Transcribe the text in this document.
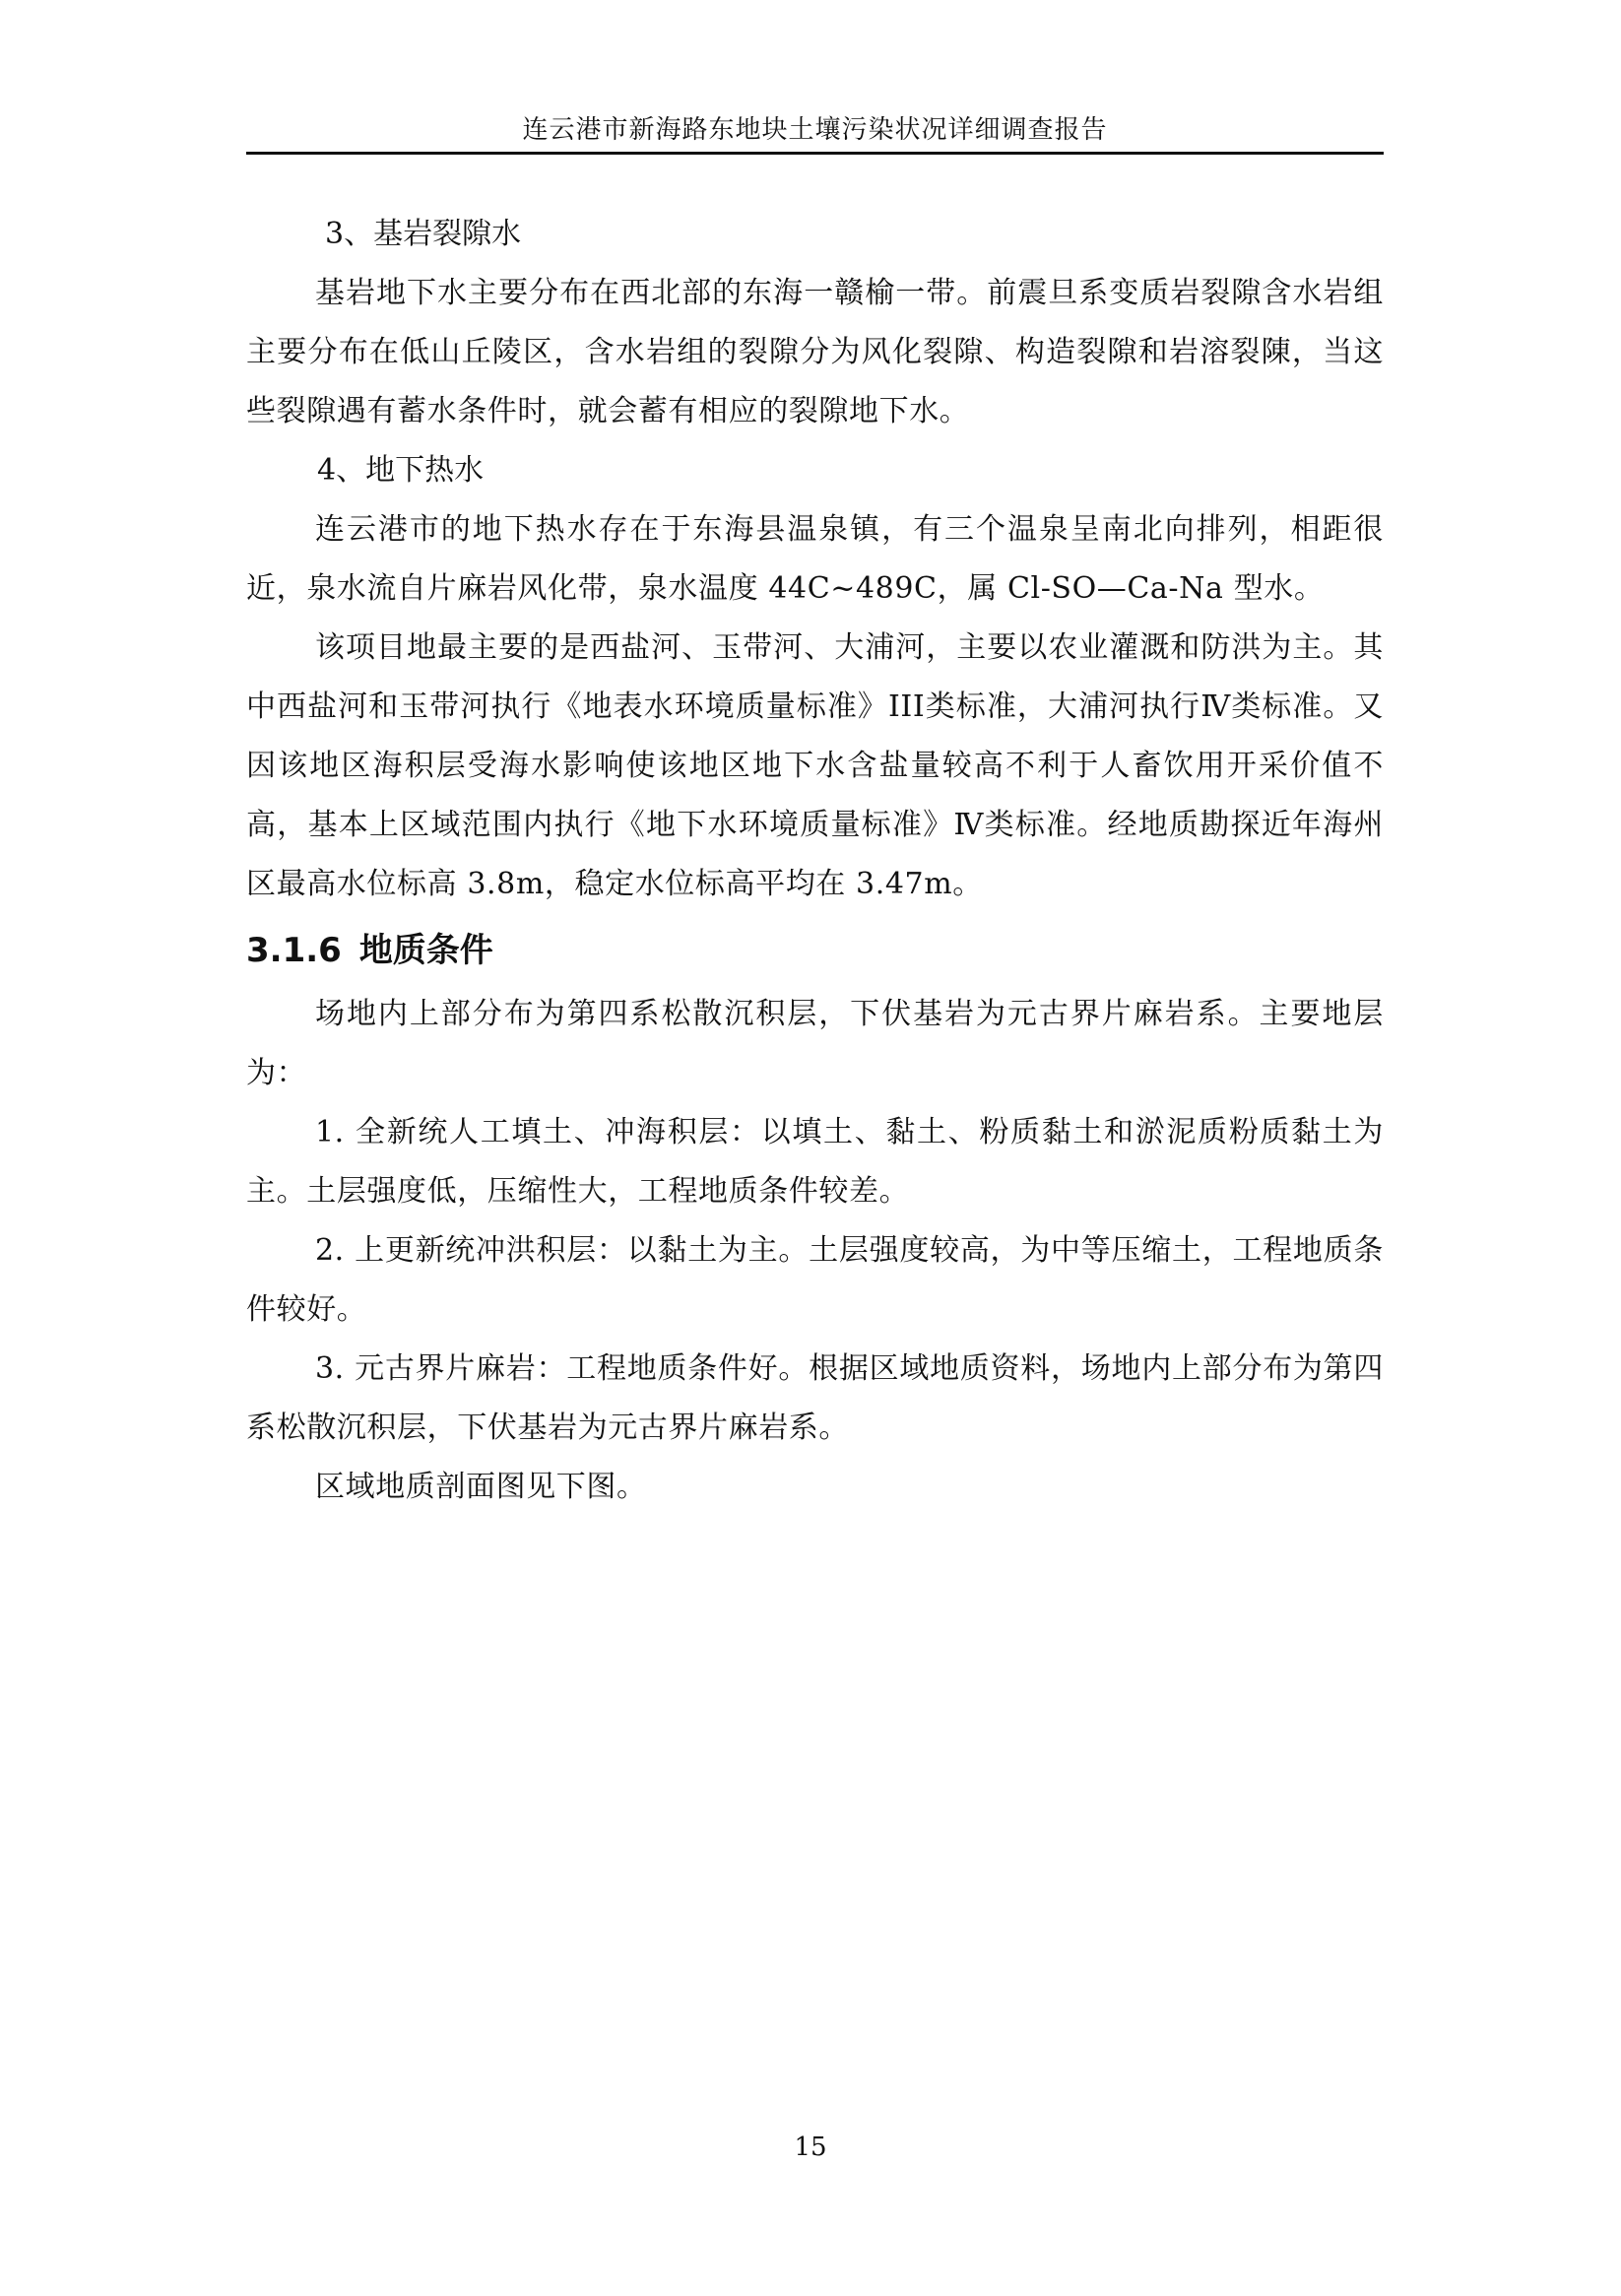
连云港市新海路东地块土壤污染状况详细调查报告
3、基岩裂隙水

基岩地下水主要分布在西北部的东海一赣榆一带。前震旦系变质岩裂隙含水岩组主要分布在低山丘陵区，含水岩组的裂隙分为风化裂隙、构造裂隙和岩溶裂陳，当这些裂隙遇有蓄水条件时，就会蓄有相应的裂隙地下水。

4、地下热水

连云港市的地下热水存在于东海县温泉镇，有三个温泉呈南北向排列，相距很近，泉水流自片麻岩风化带，泉水温度 44C~489C，属 Cl-SO—Ca-Na 型水。

该项目地最主要的是西盐河、玉带河、大浦河，主要以农业灌溉和防洪为主。其中西盐河和玉带河执行《地表水环境质量标准》III类标准，大浦河执行Ⅳ类标准。又因该地区海积层受海水影响使该地区地下水含盐量较高不利于人畜饮用开采价值不高，基本上区域范围内执行《地下水环境质量标准》Ⅳ类标准。经地质勘探近年海州区最高水位标高 3.8m，稳定水位标高平均在 3.47m。

3.1.6 地质条件

场地内上部分布为第四系松散沉积层，下伏基岩为元古界片麻岩系。主要地层为：

1. 全新统人工填土、冲海积层：以填土、黏土、粉质黏土和淤泥质粉质黏土为主。土层强度低，压缩性大，工程地质条件较差。

2. 上更新统冲洪积层：以黏土为主。土层强度较高，为中等压缩土，工程地质条件较好。

3. 元古界片麻岩：工程地质条件好。根据区域地质资料，场地内上部分布为第四系松散沉积层，下伏基岩为元古界片麻岩系。

区域地质剖面图见下图。

15
